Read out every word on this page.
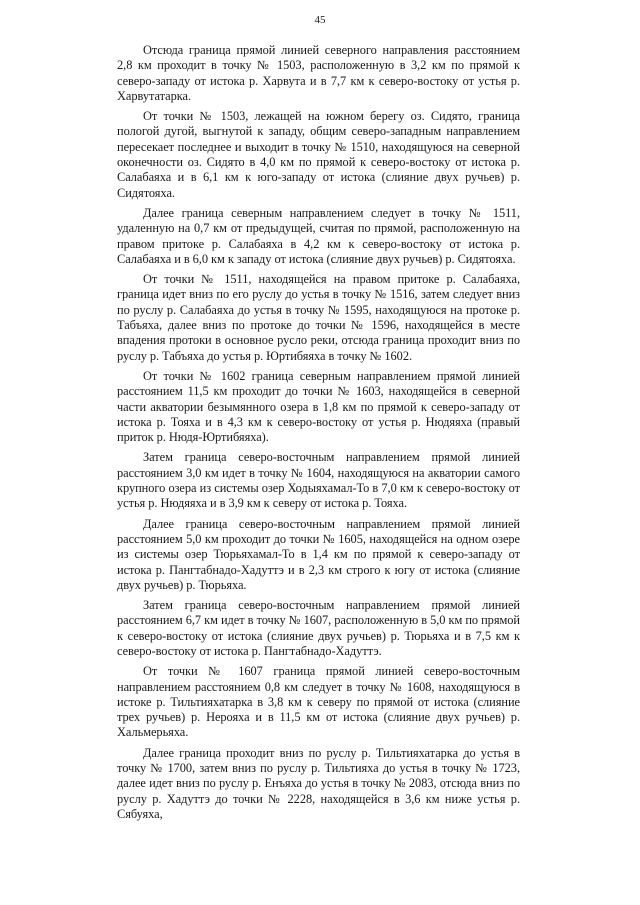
45

Отсюда граница прямой линией северного направления расстоянием 2,8 км проходит в точку № 1503, расположенную в 3,2 км по прямой к северо-западу от истока р. Харвута и в 7,7 км к северо-востоку от устья р. Харвутатарка.

От точки № 1503, лежащей на южном берегу оз. Сидято, граница пологой дугой, выгнутой к западу, общим северо-западным направлением пересекает последнее и выходит в точку № 1510, находящуюся на северной оконечности оз. Сидято в 4,0 км по прямой к северо-востоку от истока р. Салабаяха и в 6,1 км к юго-западу от истока (слияние двух ручьев) р. Сидятояха.

Далее граница северным направлением следует в точку № 1511, удаленную на 0,7 км от предыдущей, считая по прямой, расположенную на правом притоке р. Салабаяха в 4,2 км к северо-востоку от истока р. Салабаяха и в 6,0 км к западу от истока (слияние двух ручьев) р. Сидятояха.

От точки № 1511, находящейся на правом притоке р. Салабаяха, граница идет вниз по его руслу до устья в точку № 1516, затем следует вниз по руслу р. Салабаяха до устья в точку № 1595, находящуюся на протоке р. Табъяха, далее вниз по протоке до точки № 1596, находящейся в месте впадения протоки в основное русло реки, отсюда граница проходит вниз по руслу р. Табъяха до устья р. Юртибяяха в точку № 1602.

От точки № 1602 граница северным направлением прямой линией расстоянием 11,5 км проходит до точки № 1603, находящейся в северной части акватории безымянного озера в 1,8 км по прямой к северо-западу от истока р. Тояха и в 4,3 км к северо-востоку от устья р. Нюдяяха (правый приток р. Нюдя-Юртибяяха).

Затем граница северо-восточным направлением прямой линией расстоянием 3,0 км идет в точку № 1604, находящуюся на акватории самого крупного озера из системы озер Ходыяхамал-То в 7,0 км к северо-востоку от устья р. Нюдяяха и в 3,9 км к северу от истока р. Тояха.

Далее граница северо-восточным направлением прямой линией расстоянием 5,0 км проходит до точки № 1605, находящейся на одном озере из системы озер Тюрьяхамал-То в 1,4 км по прямой к северо-западу от истока р. Пангтабнадо-Хадуттэ и в 2,3 км строго к югу от истока (слияние двух ручьев) р. Тюрьяха.

Затем граница северо-восточным направлением прямой линией расстоянием 6,7 км идет в точку № 1607, расположенную в 5,0 км по прямой к северо-востоку от истока (слияние двух ручьев) р. Тюрьяха и в 7,5 км к северо-востоку от истока р. Пангтабнадо-Хадуттэ.

От точки № 1607 граница прямой линией северо-восточным направлением расстоянием 0,8 км следует в точку № 1608, находящуюся в истоке р. Тильтияхатарка в 3,8 км к северу по прямой от истока (слияние трех ручьев) р. Нерояха и в 11,5 км от истока (слияние двух ручьев) р. Хальмерьяха.

Далее граница проходит вниз по руслу р. Тильтияхатарка до устья в точку № 1700, затем вниз по руслу р. Тильтияха до устья в точку № 1723, далее идет вниз по руслу р. Енъяха до устья в точку № 2083, отсюда вниз по руслу р. Хадуттэ до точки № 2228, находящейся в 3,6 км ниже устья р. Сябуяха,
